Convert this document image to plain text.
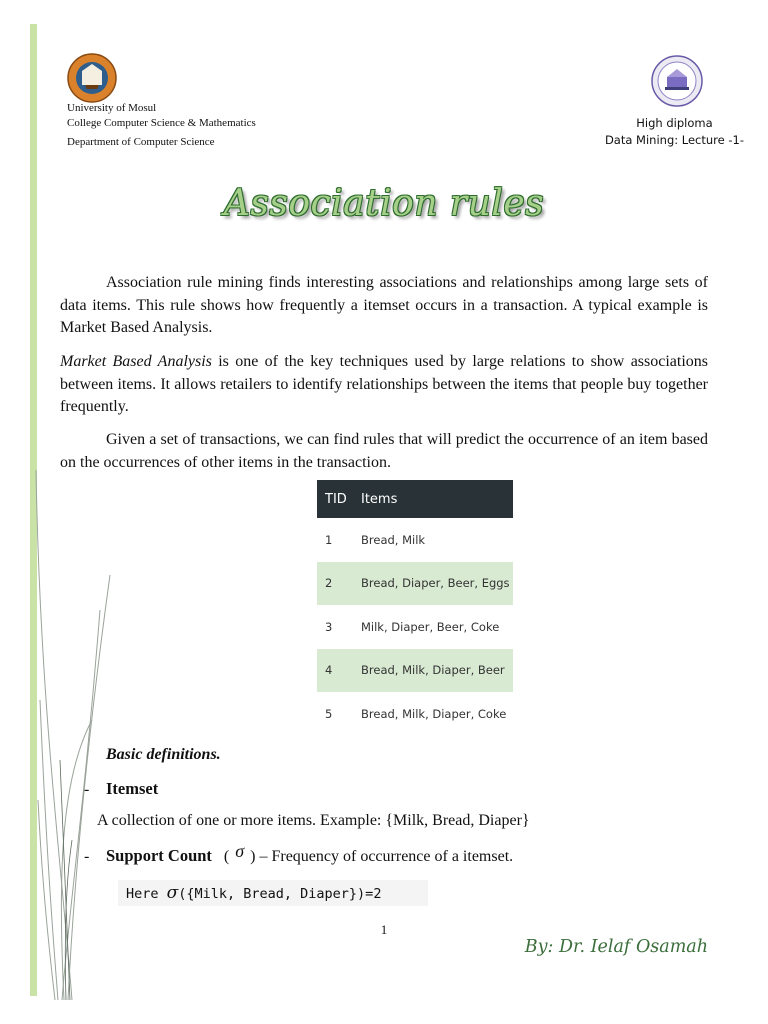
University of Mosul
College Computer Science & Mathematics
Department of Computer Science
High diploma
Data Mining: Lecture -1-
Association rules

Association rule mining finds interesting associations and relationships among large sets of data items. This rule shows how frequently a itemset occurs in a transaction. A typical example is Market Based Analysis.

Market Based Analysis is one of the key techniques used by large relations to show associations between items. It allows retailers to identify relationships between the items that people buy together frequently.

Given a set of transactions, we can find rules that will predict the occurrence of an item based on the occurrences of other items in the transaction.

TID	Items
1	Bread, Milk
2	Bread, Diaper, Beer, Eggs
3	Milk, Diaper, Beer, Coke
4	Bread, Milk, Diaper, Beer
5	Bread, Milk, Diaper, Coke
Basic definitions.
- Itemset
A collection of one or more items. Example: {Milk, Bread, Diaper}
- Support Count ( σ ) – Frequency of occurrence of a itemset.
Here σ({Milk, Bread, Diaper})=2
1
By: Dr. Ielaf Osamah
